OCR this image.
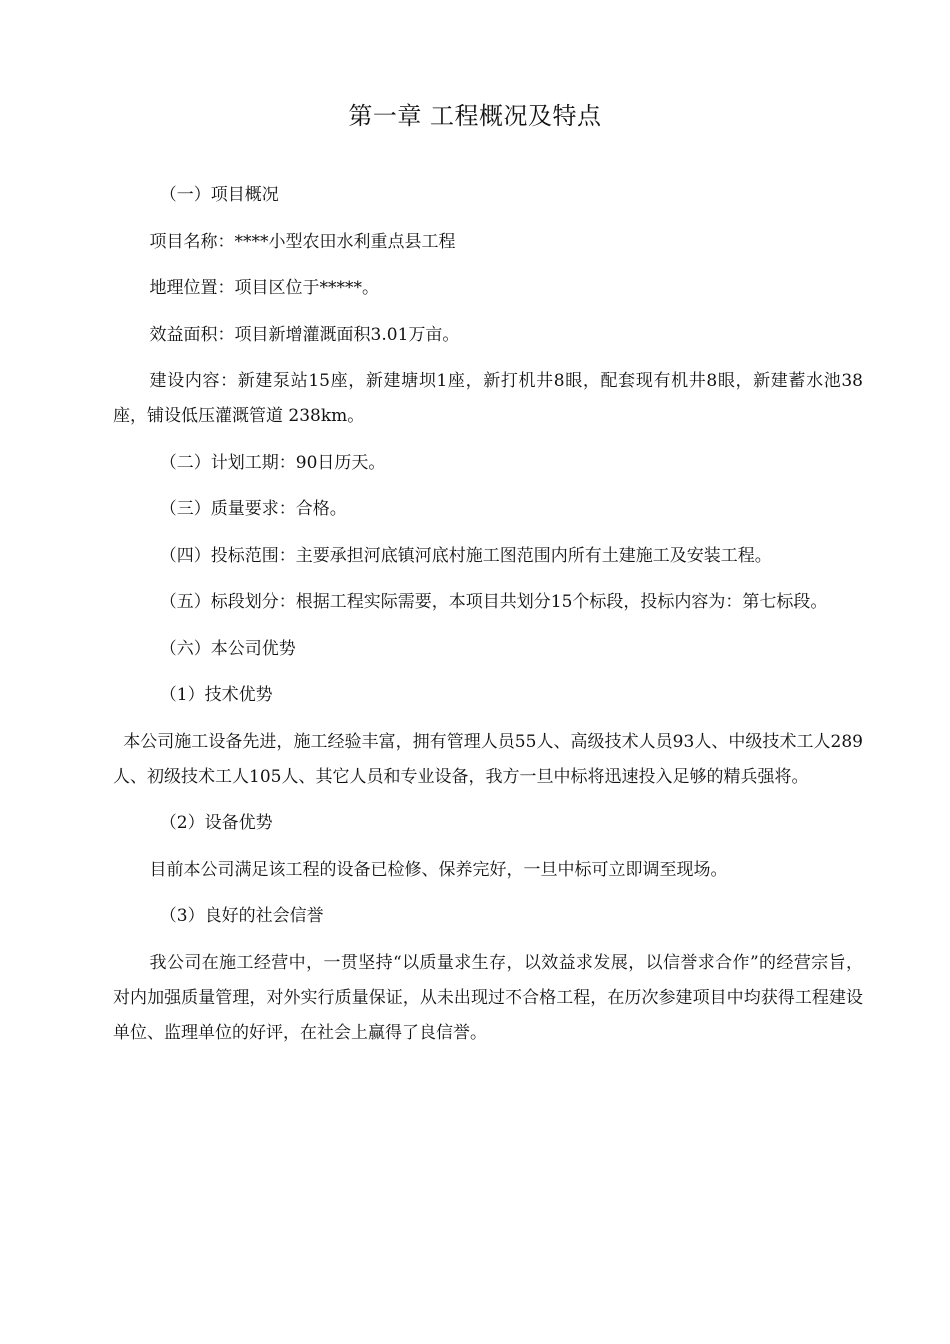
第一章 工程概况及特点

（一）项目概况

项目名称：****小型农田水利重点县工程

地理位置：项目区位于*****。

效益面积：项目新增灌溉面积3.01万亩。

建设内容：新建泵站15座，新建塘坝1座，新打机井8眼，配套现有机井8眼，新建蓄水池38座，铺设低压灌溉管道 238km。

（二）计划工期：90日历天。

（三）质量要求：合格。

（四）投标范围：主要承担河底镇河底村施工图范围内所有土建施工及安装工程。

（五）标段划分：根据工程实际需要，本项目共划分15个标段，投标内容为：第七标段。

（六）本公司优势

（1）技术优势

本公司施工设备先进，施工经验丰富，拥有管理人员55人、高级技术人员93人、中级技术工人289人、初级技术工人105人、其它人员和专业设备，我方一旦中标将迅速投入足够的精兵强将。

（2）设备优势

目前本公司满足该工程的设备已检修、保养完好，一旦中标可立即调至现场。

（3）良好的社会信誉

我公司在施工经营中，一贯坚持“以质量求生存，以效益求发展，以信誉求合作”的经营宗旨，对内加强质量管理，对外实行质量保证，从未出现过不合格工程，在历次参建项目中均获得工程建设单位、监理单位的好评，在社会上赢得了良信誉。
